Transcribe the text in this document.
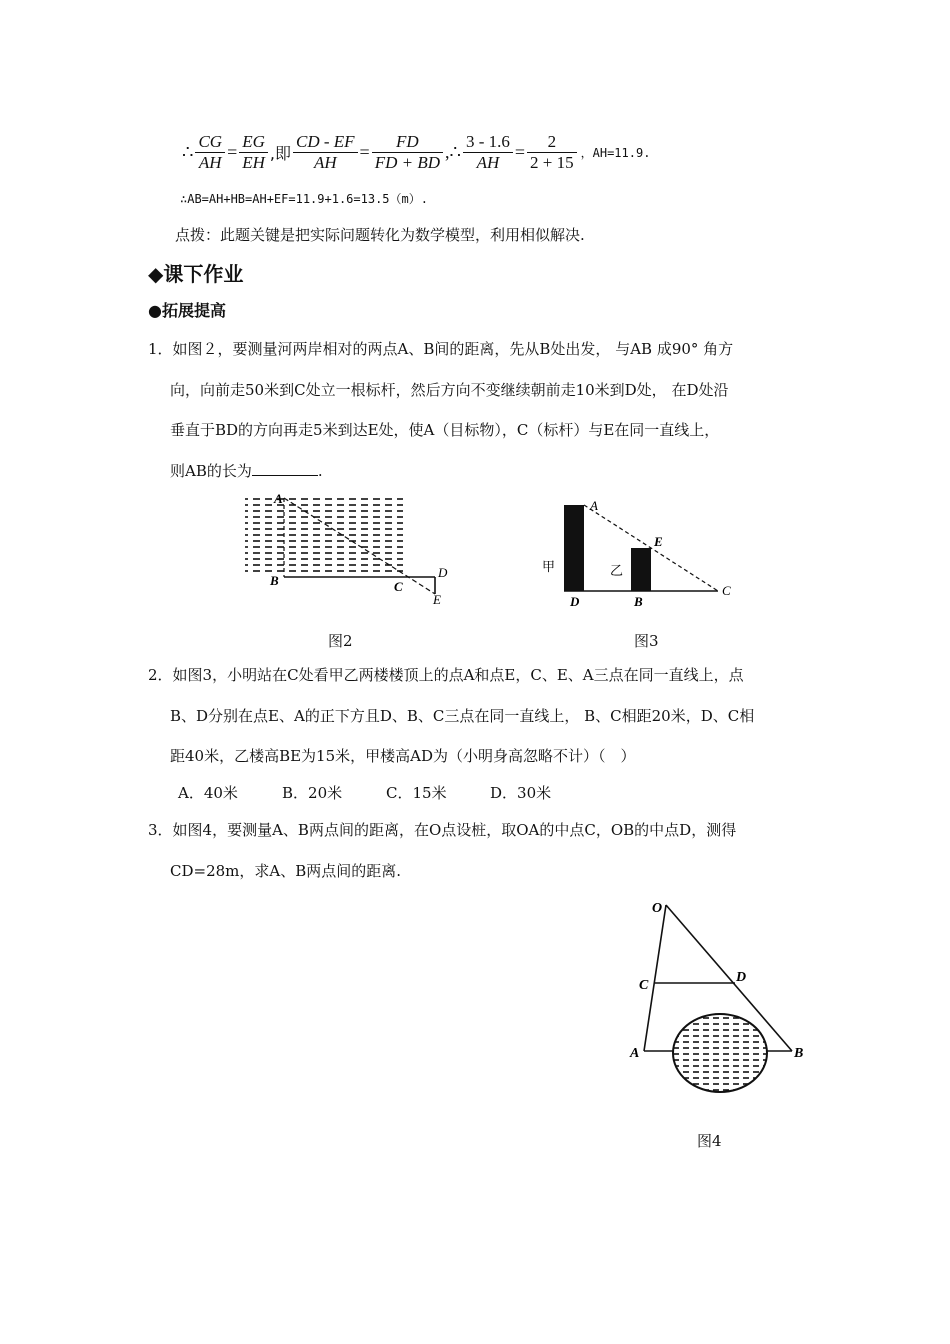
∴ $\frac{CG}{AH} = \frac{EG}{EH}$ ,即 $\frac{CD - EF}{AH} = \frac{FD}{FD + BD}$ ,∴ $\frac{3 - 1.6}{AH} = \frac{2}{2 + 15}$ ，AH=11.9.
∴AB=AH+HB=AH+EF=11.9+1.6=13.5（m）.
点拨：此题关键是把实际问题转化为数学模型，利用相似解决.
◆课下作业
●拓展提高
1．如图２，要测量河两岸相对的两点A、B间的距离，先从B处出发， 与AB 成90° 角方
向，向前走50米到C处立一根标杆，然后方向不变继续朝前走10米到D处， 在D处沿
垂直于BD的方向再走5米到达E处，使A（目标物），C（标杆）与E在同一直线上，
则AB的长为	.
A
B	C
D
E
图2
A
E
D	B
C
甲	乙
图3
2．如图3，小明站在C处看甲乙两楼楼顶上的点A和点E，C、E、A三点在同一直线上，点
B、D分别在点E、A的正下方且D、B、C三点在同一直线上， B、C相距20米，D、C相
距40米，乙楼高BE为15米，甲楼高AD为（小明身高忽略不计）（　）
A．40米	B．20米	C．15米	D．30米
3．如图4，要测量A、B两点间的距离，在O点设桩，取OA的中点C，OB的中点D，测得
CD=28m，求A、B两点间的距离.
O
C
D
A	B
图4
